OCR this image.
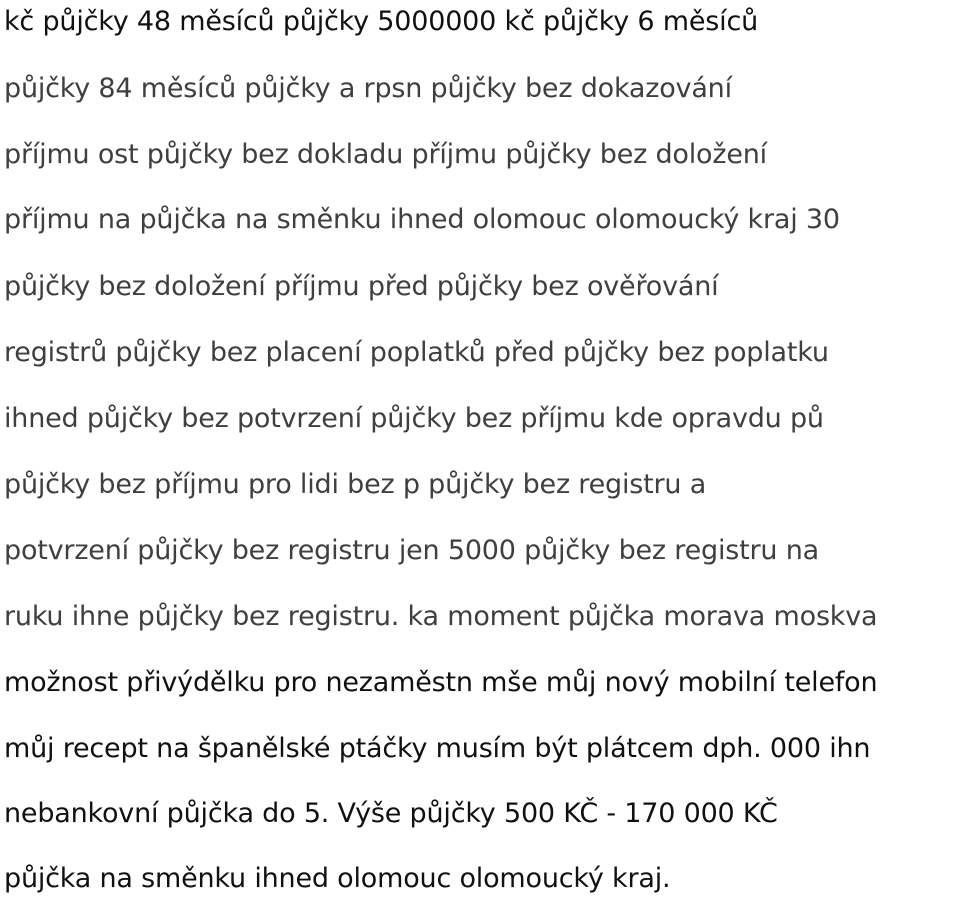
kč půjčky 48 měsíců půjčky 5000000 kč půjčky 6 měsíců
půjčky 84 měsíců půjčky a rpsn půjčky bez dokazování
příjmu ost půjčky bez dokladu příjmu půjčky bez doložení
příjmu na půjčka na směnku ihned olomouc olomoucký kraj 30
půjčky bez doložení příjmu před půjčky bez ověřování
registrů půjčky bez placení poplatků před půjčky bez poplatku
ihned půjčky bez potvrzení půjčky bez příjmu kde opravdu pů
půjčky bez příjmu pro lidi bez p půjčky bez registru a
potvrzení půjčky bez registru jen 5000 půjčky bez registru na
ruku ihne půjčky bez registru. ka moment půjčka morava moskva
možnost přivýdělku pro nezaměstn mše můj nový mobilní telefon
můj recept na španělské ptáčky musím být plátcem dph. 000 ihn
nebankovní půjčka do 5. Výše půjčky 500 KČ - 170 000 KČ
půjčka na směnku ihned olomouc olomoucký kraj.
